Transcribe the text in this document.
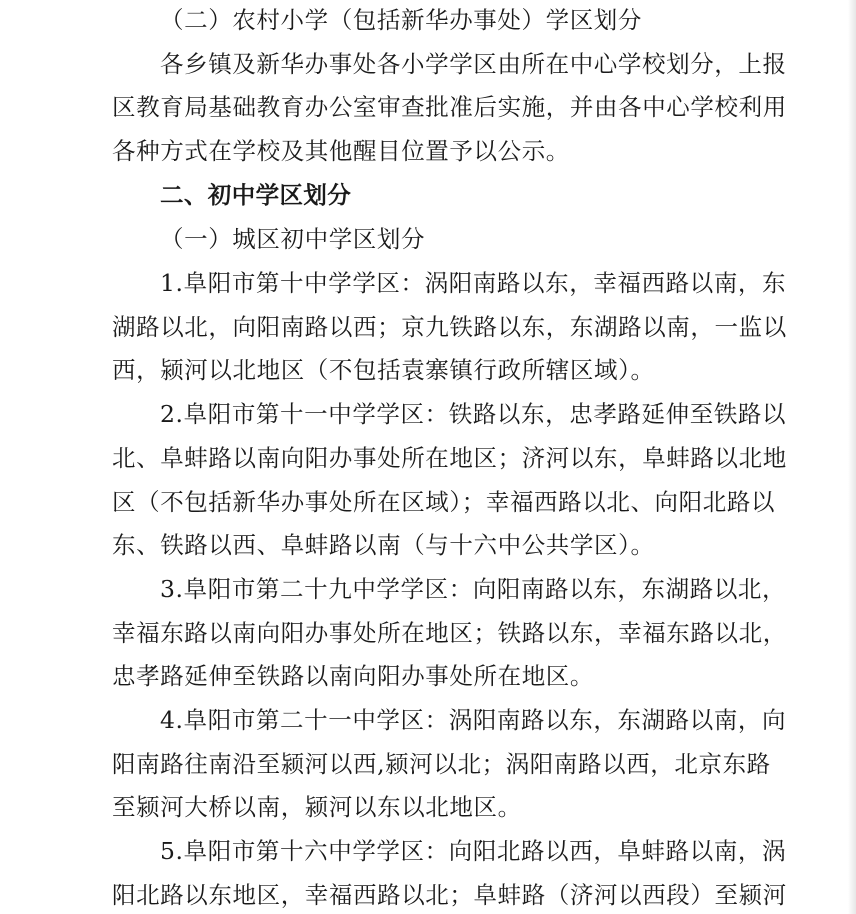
（二）农村小学（包括新华办事处）学区划分
各乡镇及新华办事处各小学学区由所在中心学校划分，上报
区教育局基础教育办公室审查批准后实施，并由各中心学校利用
各种方式在学校及其他醒目位置予以公示。
二、初中学区划分
（一）城区初中学区划分
1.阜阳市第十中学学区：涡阳南路以东，幸福西路以南，东
湖路以北，向阳南路以西；京九铁路以东，东湖路以南，一监以
西，颍河以北地区（不包括袁寨镇行政所辖区域）。
2.阜阳市第十一中学学区：铁路以东，忠孝路延伸至铁路以
北、阜蚌路以南向阳办事处所在地区；济河以东，阜蚌路以北地
区（不包括新华办事处所在区域）；幸福西路以北、向阳北路以
东、铁路以西、阜蚌路以南（与十六中公共学区）。
3.阜阳市第二十九中学学区：向阳南路以东，东湖路以北，
幸福东路以南向阳办事处所在地区；铁路以东，幸福东路以北，
忠孝路延伸至铁路以南向阳办事处所在地区。
4.阜阳市第二十一中学区：涡阳南路以东，东湖路以南，向
阳南路往南沿至颍河以西,颍河以北；涡阳南路以西，北京东路
至颍河大桥以南，颍河以东以北地区。
5.阜阳市第十六中学学区：向阳北路以西，阜蚌路以南，涡
阳北路以东地区，幸福西路以北；阜蚌路（济河以西段）至颍河
